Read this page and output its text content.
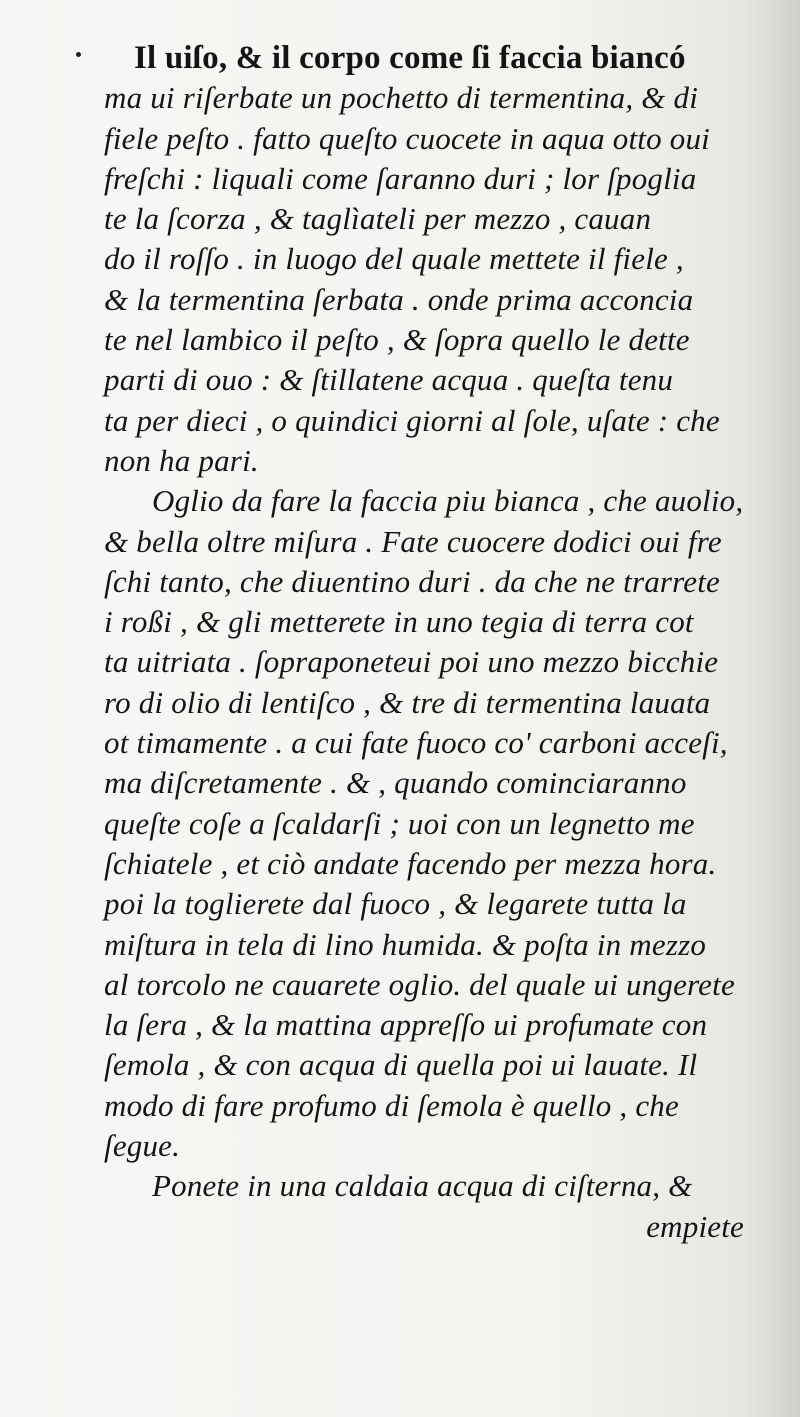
Il uiſo, & il corpo come ſi faccia biancó
ma ui riſerbate un pochetto di termentina, & di
fiele peſto . fatto queſto cuocete in aqua otto oui
freſchi : liquali come ſaranno duri ; lor ſpoglia
te la ſcorza , & taglìateli per mezzo , cauan
do il roſſo . in luogo del quale mettete il fiele ,
& la termentina ſerbata . onde prima acconcia
te nel lambico il peſto , & ſopra quello le dette
parti di ouo : & ſtillatene acqua . queſta tenu
ta per dieci , o quindici giorni al ſole, uſate : che
non ha pari.
Oglio da fare la faccia piu bianca , che auolio,
& bella oltre miſura . Fate cuocere dodici oui fre
ſchi tanto, che diuentino duri . da che ne trarrete
i roßi , & gli metterete in uno tegia di terra cot
ta uitriata . ſopraponeteui poi uno mezzo bicchie
ro di olio di lentiſco , & tre di termentina lauata
ot timamente . a cui fate fuoco co' carboni acceſi,
ma diſcretamente . & , quando cominciaranno
queſte coſe a ſcaldarſi ; uoi con un legnetto me
ſchiatele , et ciò andate facendo per mezza hora.
poi la toglierete dal fuoco , & legarete tutta la
miſtura in tela di lino humida. & poſta in mezzo
al torcolo ne cauarete oglio. del quale ui ungerete
la ſera , & la mattina appreſſo ui profumate con
ſemola , & con acqua di quella poi ui lauate. Il
modo di fare profumo di ſemola è quello , che
ſegue.
Ponete in una caldaia acqua di ciſterna, &
empiete
